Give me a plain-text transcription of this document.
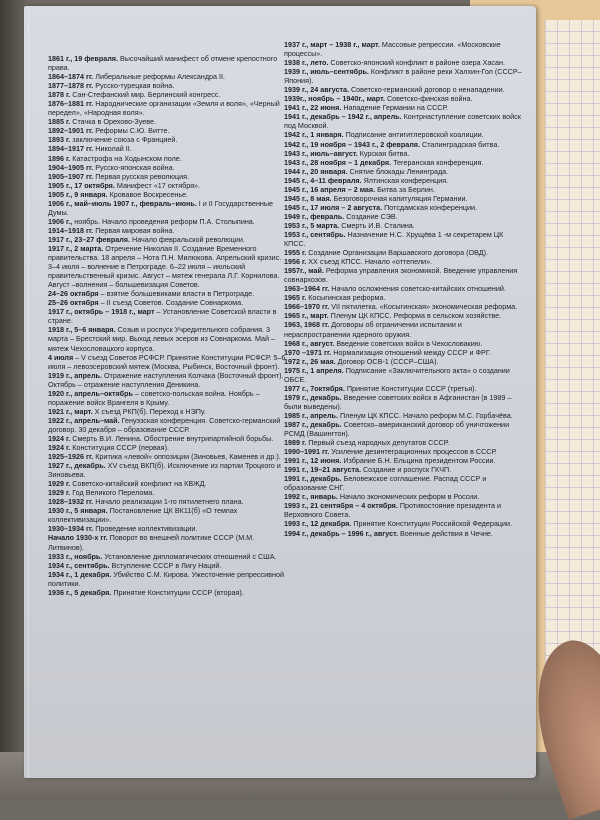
1861 г., 19 февраля. Высочайший манифест об отмене крепостного права.

1864–1874 гг. Либеральные реформы Александра II.

1877–1878 гг. Русско-турецкая война.

1878 г. Сан-Стефанский мир. Берлинский конгресс.

1876–1881 гг. Народнические организации «Земля и воля», «Черный передел», «Народная воля».

1885 г. Стачка в Орехово-Зуеве.

1892–1901 гг. Реформы С.Ю. Витте.

1893 г. заключение союза с Францией.

1894–1917 гг. Николай II.

1896 г. Катастрофа на Ходынском поле.

1904–1905 гг. Русско-японская война.

1905–1907 гг. Первая русская революция.

1905 г., 17 октября. Манифест «17 октября».

1905 г., 9 января. Кровавое Воскресенье.

1906 г., май–июль 1907 г., февраль–июнь. I и II Государственные Думы.

1906 г., ноябрь. Начало проведения реформ П.А. Столыпина.

1914–1918 гг. Первая мировая война.

1917 г., 23–27 февраля. Начало февральской революции.

1917 г., 2 марта. Отречение Николая II. Создание Временного правительства. 18 апреля – Нота П.Н. Милюкова. Апрельский кризис. 3–4 июля – волнение в Петрограде. 6–22 июля – июльский правительственный кризис. Август – мятеж генерала Л.Г. Корнилова. Август –волнения – большевизация Советов.

24–26 октября – взятие большевиками власти в Петрограде.

25–26 октября – II съезд Советов. Создание Совнаркома.

1917 г., октябрь – 1918 г., март – Установление Советской власти в стране.

1918 г., 5–6 января. Созыв и роспуск Учредительного собрания. 3 марта – Брестский мир. Выход левых эсеров из Совнаркома. Май – мятеж Чехословацкого корпуса.

4 июля – V съезд Советов РСФСР. Принятие Конституции РСФСР. 5–6 июля – левоэсеровский мятеж (Москва, Рыбинск, Восточный фронт).

1919 г., апрель. Отражение наступления Колчака (Восточный фронт). Октябрь – отражение наступления Деникина.

1920 г., апрель–октябрь – советско-польская война. Ноябрь – поражение войск Врангеля в Крыму.

1921 г., март. X съезд РКП(б). Переход к НЭПу.

1922 г., апрель–май. Генуэзская конференция. Советско-германский договор. 30 декабря – образование СССР.

1924 г. Смерть В.И. Ленина. Обострение внутрипартийной борьбы.

1924 г. Конституция СССР (первая).

1925–1926 гг. Критика «левой» оппозиции (Зиновьев, Каменев и др.).

1927 г., декабрь. XV съезд ВКП(б). Исключение из партии Троцкого и Зиновьева.

1929 г. Советско-китайский конфликт на КВЖД.

1929 г. Год Великого Перелома.

1928–1932 гг. Начало реализации 1-го пятилетнего плана.

1930 г., 5 января. Постановление ЦК ВК11(б) «О темпах коллективизации».

1930–1934 гг. Проведение коллективизации.

Начало 1930-х гг. Поворот во внешней политике СССР (М.М. Литвинов).

1933 г., ноябрь. Установление дипломатических отношений с США.

1934 г., сентябрь. Вступление СССР в Лигу Наций.

1934 г., 1 декабря. Убийство С.М. Кирова. Ужесточение репрессивной политики.

1936 г., 5 декабря. Принятие Конституции СССР (вторая).

1937 г., март – 1938 г., март. Массовые репрессии. «Московские процессы».

1938 г., лето. Советско-японский конфликт в районе озера Хасан.

1939 г., июль–сентябрь. Конфликт в районе реки Халхин-Гол (СССР–Япония).

1939 г., 24 августа. Советско-германский договор о ненападении.

1939г., ноябрь – 1940г., март. Советско-финская война.

1941 г., 22 июня. Нападение Германии на СССР.

1941 г., декабрь – 1942 г., апрель. Контрнаступление советских войск под Москвой.

1942 г., 1 января. Подписание антигитлеровской коалиции.

1942 г., 19 ноября – 1943 г., 2 февраля. Сталинградская битва.

1943 г., июль–август. Курская битва.

1943 г., 28 ноября – 1 декабря. Тегеранская конференция.

1944 г., 20 января. Снятие блокады Ленинграда.

1945 г., 4–11 февраля. Ялтинская конференция.

1945 г., 16 апреля – 2 мая. Битва за Берлин.

1945 г., 8 мая. Безоговорочная капитуляция Германии.

1945 г., 17 июля – 2 августа. Потсдамская конференции.

1949 г., февраль. Создание СЭВ.

1953 г., 5 марта. Смерть И.В. Сталина.

1953 г., сентябрь. Назначение Н.С. Хрущёва 1 -м секретарем ЦК КПСС.

1955 г. Создание Организации Варшавского договора (ОВД).

1956 г. XX съезд КПСС. Начало «оттепели».

1957г., май. Реформа управления экономикой. Введение управления совнархозов.

1963–1964 гг. Начало осложнения советско-китайских отношений.

1965 г. Косыгинская реформа.

1966–1970 гг. VII пятилетка. «Косыгинская» экономическая реформа.

1965 г., март. Пленум ЦК КПСС. Реформа в сельском хозяйстве.

1963, 1968 гг. Договоры об ограничении испытании и нераспространении ядерного оружия.

1968 г., август. Введение советских войск в Чехословакию.

1970 –1971 гг. Нормализация отношений между СССР и ФРГ.

1972 г., 26 мая. Договор ОСВ-1 (СССР–США).

1975 г., 1 апреля. Подписание «Заключительного акта» о создании ОБСЕ.

1977 г., 7октября. Принятие Конституции СССР (третья).

1979 г., декабрь. Введение советских войск в Афганистан (в 1989 – были выведены).

1985 г., апрель. Пленум ЦК КПСС. Начало реформ М.С. Горбачёва.

1987 г., декабрь. Советско–американский договор об уничтожении РСМД (Вашингтон).

1989 г. Первый съезд народных депутатов СССР.

1990–1991 гг. Усиление дезинтеграционных процессов в СССР.

1991 г., 12 июня. Избрание Б.Н. Ельцина президентом России.

1991 г., 19–21 августа. Создание и роспуск ГКЧП.

1991 г., декабрь. Беловежское соглашение. Распад СССР и образование СНГ.

1992 г., январь. Начало экономических реформ в России.

1993 г., 21 сентября – 4 октября. Противостояние президента и Верховного Совета.

1993 г., 12 декабря. Принятие Конституции Российской Федерации.

1994 г., декабрь – 1996 г., август. Военные действия в Чечне.
